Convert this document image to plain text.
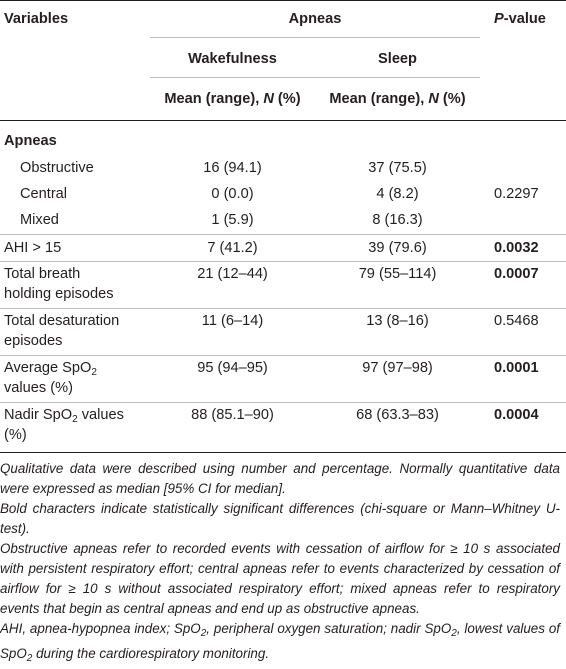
Variables	Apneas	P-value
Wakefulness	Sleep
Mean (range), N (%)	Mean (range), N (%)
Apneas
Obstructive	16 (94.1)	37 (75.5)
Central	0 (0.0)	4 (8.2)	0.2297
Mixed	1 (5.9)	8 (16.3)
AHI > 15	7 (41.2)	39 (79.6)	0.0032
Total breath
holding episodes
21 (12–44)	79 (55–114)	0.0007
Total desaturation
episodes
11 (6–14)	13 (8–16)	0.5468
Average SpO$_2$
values (%)
95 (94–95)	97 (97–98)	0.0001
Nadir SpO$_2$ values
(%)
88 (85.1–90)	68 (63.3–83)	0.0004
Qualitative data were described using number and percentage. Normally quantitative data were expressed as median [95% CI for median].
Bold characters indicate statistically significant differences (chi-square or Mann–Whitney U-test).
Obstructive apneas refer to recorded events with cessation of airflow for ≥ 10 s associated with persistent respiratory effort; central apneas refer to events characterized by cessation of airflow for ≥ 10 s without associated respiratory effort; mixed apneas refer to respiratory events that begin as central apneas and end up as obstructive apneas.
AHI, apnea-hypopnea index; SpO$_2$, peripheral oxygen saturation; nadir SpO$_2$, lowest values of SpO$_2$ during the cardiorespiratory monitoring.
